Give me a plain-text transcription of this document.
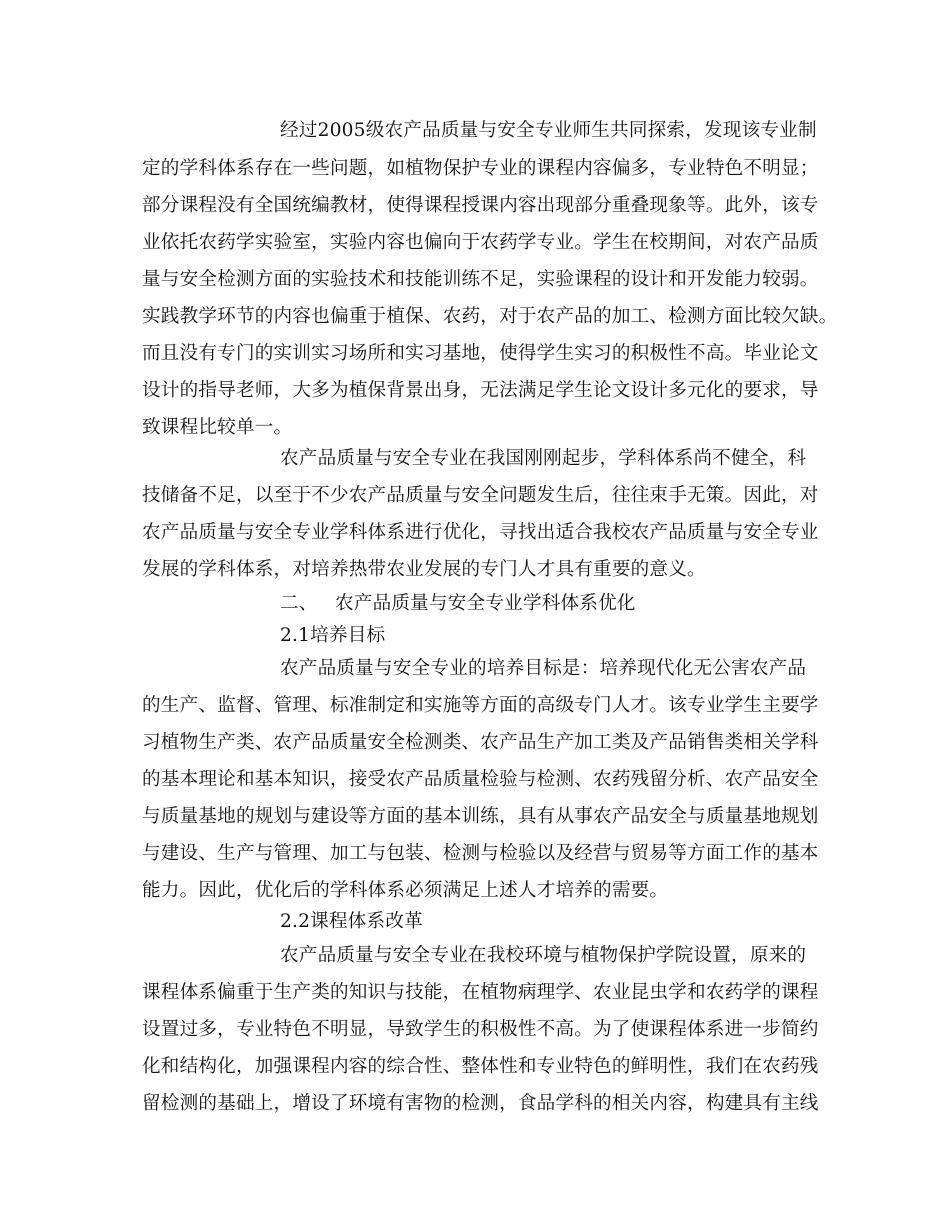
经过2005级农产品质量与安全专业师生共同探索，发现该专业制
定的学科体系存在一些问题，如植物保护专业的课程内容偏多，专业特色不明显；
部分课程没有全国统编教材，使得课程授课内容出现部分重叠现象等。此外，该专
业依托农药学实验室，实验内容也偏向于农药学专业。学生在校期间，对农产品质
量与安全检测方面的实验技术和技能训练不足，实验课程的设计和开发能力较弱。
实践教学环节的内容也偏重于植保、农药，对于农产品的加工、检测方面比较欠缺。
而且没有专门的实训实习场所和实习基地，使得学生实习的积极性不高。毕业论文
设计的指导老师，大多为植保背景出身，无法满足学生论文设计多元化的要求，导
致课程比较单一。
农产品质量与安全专业在我国刚刚起步，学科体系尚不健全，科
技储备不足，以至于不少农产品质量与安全问题发生后，往往束手无策。因此，对
农产品质量与安全专业学科体系进行优化，寻找出适合我校农产品质量与安全专业
发展的学科体系，对培养热带农业发展的专门人才具有重要的意义。
二、 农产品质量与安全专业学科体系优化
2.1培养目标
农产品质量与安全专业的培养目标是：培养现代化无公害农产品
的生产、监督、管理、标准制定和实施等方面的高级专门人才。该专业学生主要学
习植物生产类、农产品质量安全检测类、农产品生产加工类及产品销售类相关学科
的基本理论和基本知识，接受农产品质量检验与检测、农药残留分析、农产品安全
与质量基地的规划与建设等方面的基本训练，具有从事农产品安全与质量基地规划
与建设、生产与管理、加工与包装、检测与检验以及经营与贸易等方面工作的基本
能力。因此，优化后的学科体系必须满足上述人才培养的需要。
2.2课程体系改革
农产品质量与安全专业在我校环境与植物保护学院设置，原来的
课程体系偏重于生产类的知识与技能，在植物病理学、农业昆虫学和农药学的课程
设置过多，专业特色不明显，导致学生的积极性不高。为了使课程体系进一步简约
化和结构化，加强课程内容的综合性、整体性和专业特色的鲜明性，我们在农药残
留检测的基础上，增设了环境有害物的检测，食品学科的相关内容，构建具有主线
